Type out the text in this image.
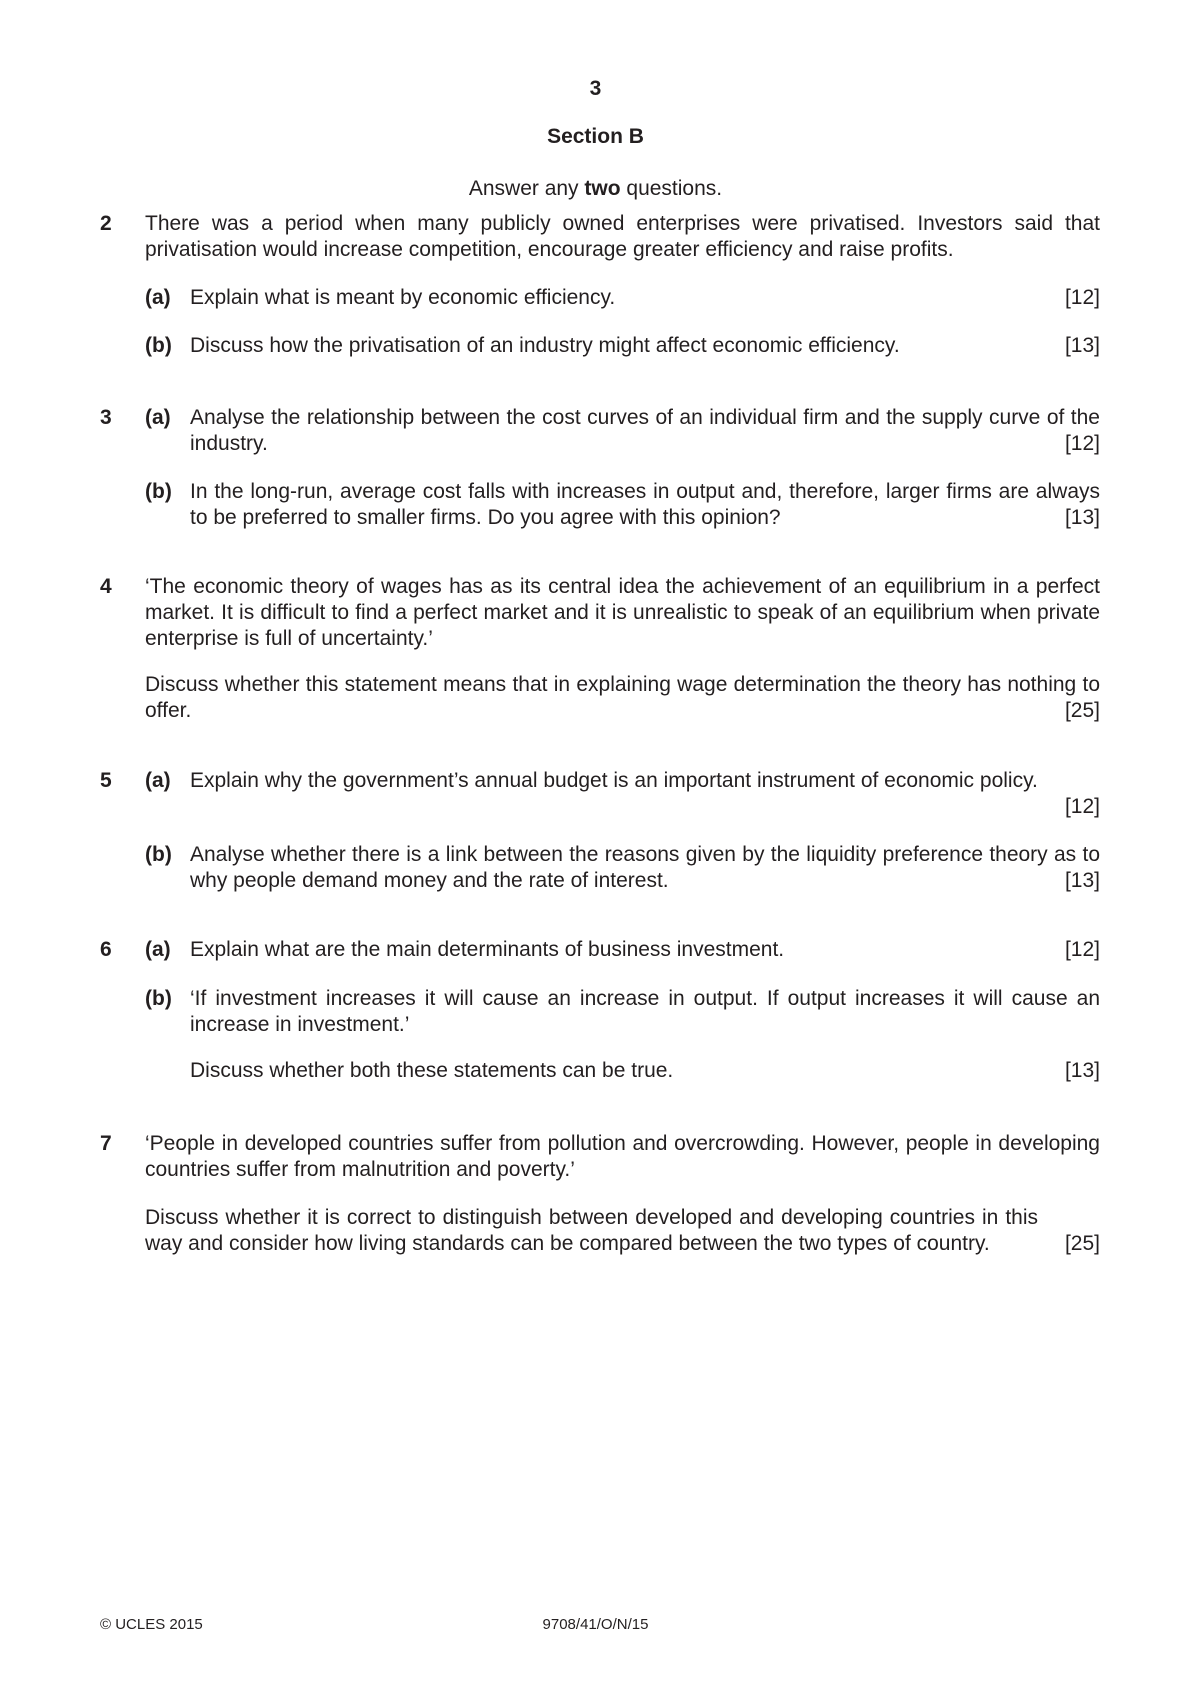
3
Section B
Answer any two questions.
2 There was a period when many publicly owned enterprises were privatised. Investors said that privatisation would increase competition, encourage greater efficiency and raise profits.
(a) Explain what is meant by economic efficiency.	[12]
(b) Discuss how the privatisation of an industry might affect economic efficiency.	[13]
3 (a) Analyse the relationship between the cost curves of an individual firm and the supply curve of the industry.	[12]
(b) In the long-run, average cost falls with increases in output and, therefore, larger firms are always to be preferred to smaller firms. Do you agree with this opinion?	[13]
4 ‘The economic theory of wages has as its central idea the achievement of an equilibrium in a perfect market. It is difficult to find a perfect market and it is unrealistic to speak of an equilibrium when private enterprise is full of uncertainty.’
Discuss whether this statement means that in explaining wage determination the theory has nothing to offer.	[25]
5 (a) Explain why the government’s annual budget is an important instrument of economic policy.
[12]
(b) Analyse whether there is a link between the reasons given by the liquidity preference theory as to why people demand money and the rate of interest.	[13]
6 (a) Explain what are the main determinants of business investment.	[12]
(b) ‘If investment increases it will cause an increase in output. If output increases it will cause an increase in investment.’
Discuss whether both these statements can be true.	[13]
7 ‘People in developed countries suffer from pollution and overcrowding. However, people in developing countries suffer from malnutrition and poverty.’
Discuss whether it is correct to distinguish between developed and developing countries in this way and consider how living standards can be compared between the two types of country.	[25]
© UCLES 2015	9708/41/O/N/15
